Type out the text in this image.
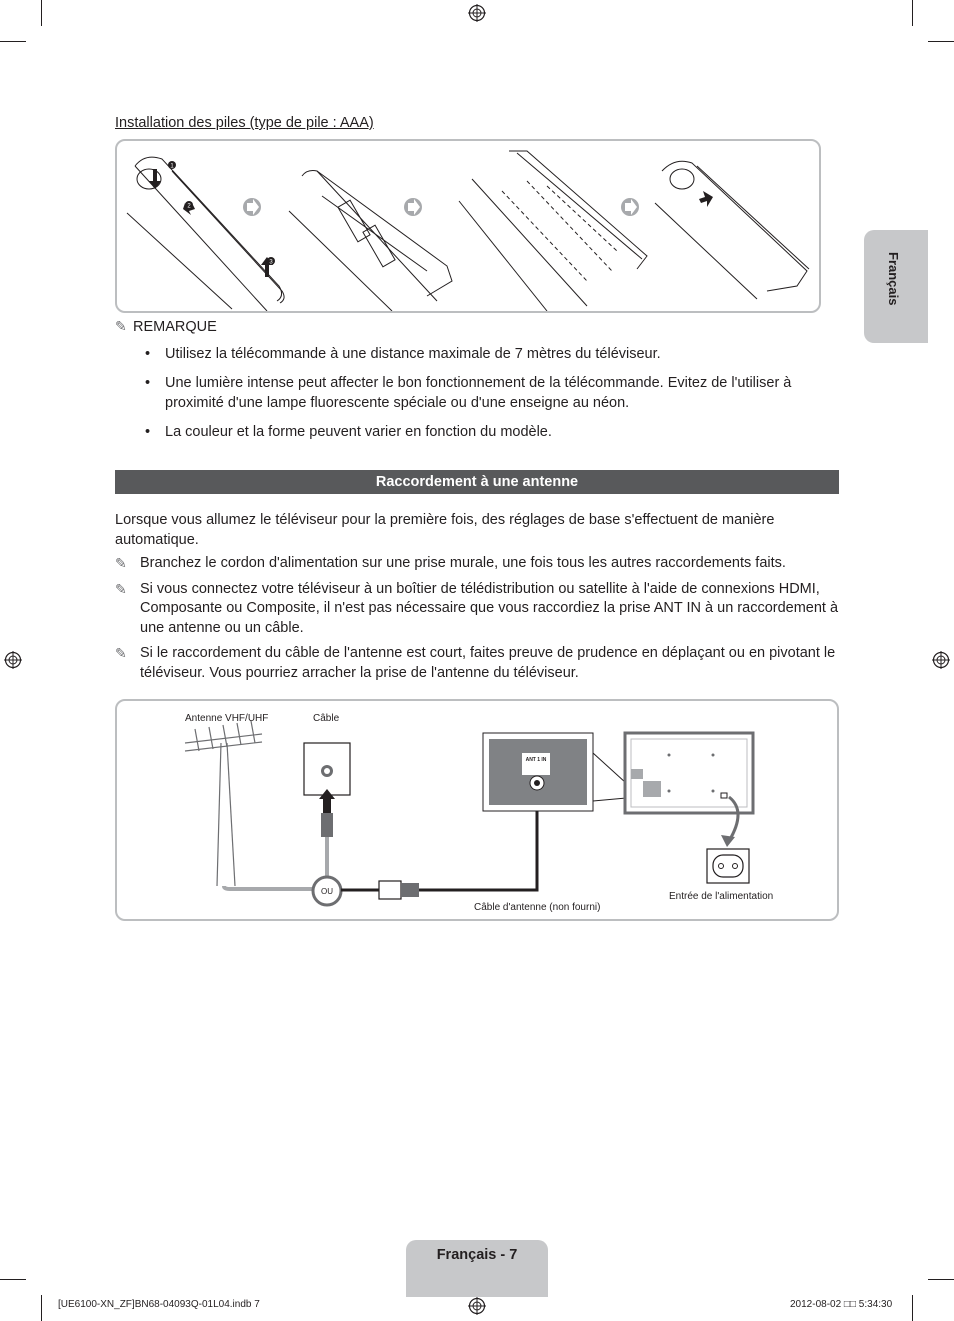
Français
Installation des piles (type de pile : AAA)
1
2
3
✎ REMARQUE
• Utilisez la télécommande à une distance maximale de 7 mètres du téléviseur.
• Une lumière intense peut affecter le bon fonctionnement de la télécommande. Evitez de l'utiliser à proximité d'une lampe fluorescente spéciale ou d'une enseigne au néon.
• La couleur et la forme peuvent varier en fonction du modèle.
Raccordement à une antenne
Lorsque vous allumez le téléviseur pour la première fois, des réglages de base s'effectuent de manière automatique.
✎ Branchez le cordon d'alimentation sur une prise murale, une fois tous les autres raccordements faits.
✎ Si vous connectez votre téléviseur à un boîtier de télédistribution ou satellite à l'aide de connexions HDMI, Composante ou Composite, il n'est pas nécessaire que vous raccordiez la prise ANT IN à un raccordement à une antenne ou un câble.
✎ Si le raccordement du câble de l'antenne est court, faites preuve de prudence en déplaçant ou en pivotant le téléviseur. Vous pourriez arracher la prise de l'antenne du téléviseur.
Antenne VHF/UHF	Câble
OU
ANT 1 IN
Câble d'antenne (non fourni)
Entrée de l'alimentation
Français - 7
[UE6100-XN_ZF]BN68-04093Q-01L04.indb 7	2012-08-02 □□ 5:34:30
